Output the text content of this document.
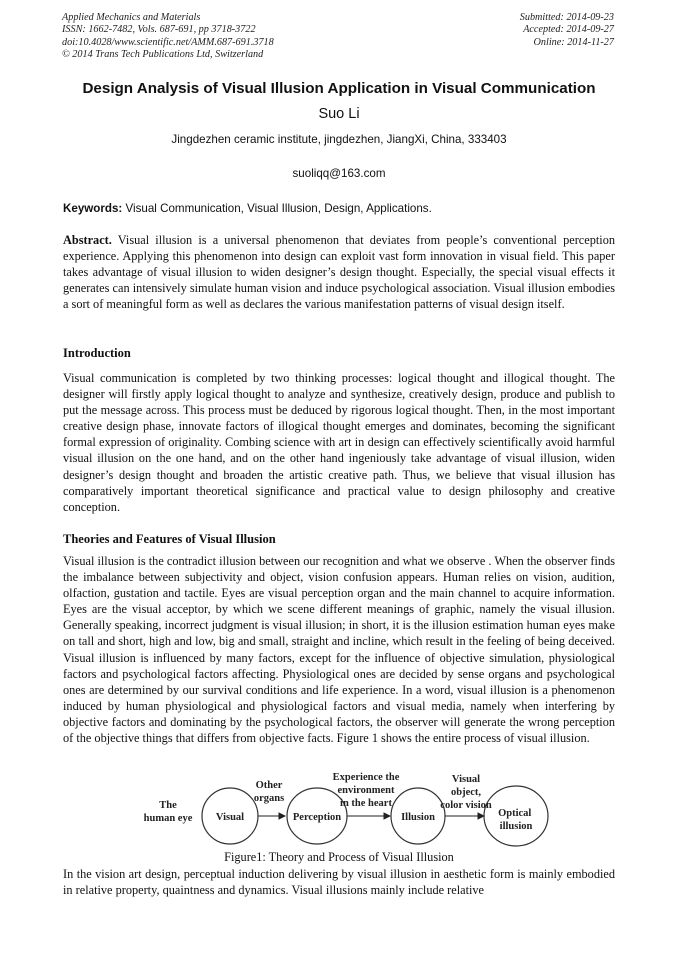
Applied Mechanics and Materials
ISSN: 1662-7482, Vols. 687-691, pp 3718-3722
doi:10.4028/www.scientific.net/AMM.687-691.3718
© 2014 Trans Tech Publications Ltd, Switzerland
Submitted: 2014-09-23
Accepted: 2014-09-27
Online: 2014-11-27
Design Analysis of Visual Illusion Application in Visual Communication
Suo Li
Jingdezhen ceramic institute, jingdezhen, JiangXi, China, 333403
suoliqq@163.com
Keywords: Visual Communication, Visual Illusion, Design, Applications.
Abstract. Visual illusion is a universal phenomenon that deviates from people’s conventional perception experience. Applying this phenomenon into design can exploit vast form innovation in visual field. This paper takes advantage of visual illusion to widen designer’s design thought. Especially, the special visual effects it generates can intensively simulate human vision and induce psychological association. Visual illusion embodies a sort of meaningful form as well as declares the various manifestation patterns of visual design itself.
Introduction
Visual communication is completed by two thinking processes: logical thought and illogical thought. The designer will firstly apply logical thought to analyze and synthesize, creatively design, produce and publish to put the message across. This process must be deduced by rigorous logical thought. Then, in the most important creative design phase, innovate factors of illogical thought emerges and dominates, becoming the significant formal expression of originality. Combing science with art in design can effectively scientifically avoid harmful visual illusion on the one hand, and on the other hand ingeniously take advantage of visual illusion, widen designer’s design thought and broaden the artistic creative path. Thus, we believe that visual illusion has comparatively important theoretical significance and practical value to design philosophy and creative conception.
Theories and Features of Visual Illusion
Visual illusion is the contradict illusion between our recognition and what we observe . When the observer finds the imbalance between subjectivity and object, vision confusion appears. Human relies on vision, audition, olfaction, gustation and tactile. Eyes are visual perception organ and the main channel to acquire information. Eyes are the visual acceptor, by which we scene different meanings of graphic, namely the visual illusion. Generally speaking, incorrect judgment is visual illusion; in short, it is the illusion estimation human eyes make on tall and short, high and low, big and small, straight and incline, which result in the feeling of being deceived. Visual illusion is influenced by many factors, except for the influence of objective simulation, physiological factors and psychological factors affecting. Physiological ones are decided by sense organs and psychological ones are determined by our survival conditions and life experience. In a word, visual illusion is a phenomenon induced by human physiological and physiological factors and visual media, namely when interfering by objective factors and dominating by the psychological factors, the observer will generate the wrong perception of the objective things that differs from objective facts. Figure 1 shows the entire process of visual illusion.
The
human eye Visual
Other
organs
Perception
Experience the
environment
in the heart
Illusion
Visual
object,
color vision
Optical illusion
Figure1: Theory and Process of Visual Illusion
In the vision art design, perceptual induction delivering by visual illusion in aesthetic form is mainly embodied in relative property, quaintness and dynamics. Visual illusions mainly include relative
